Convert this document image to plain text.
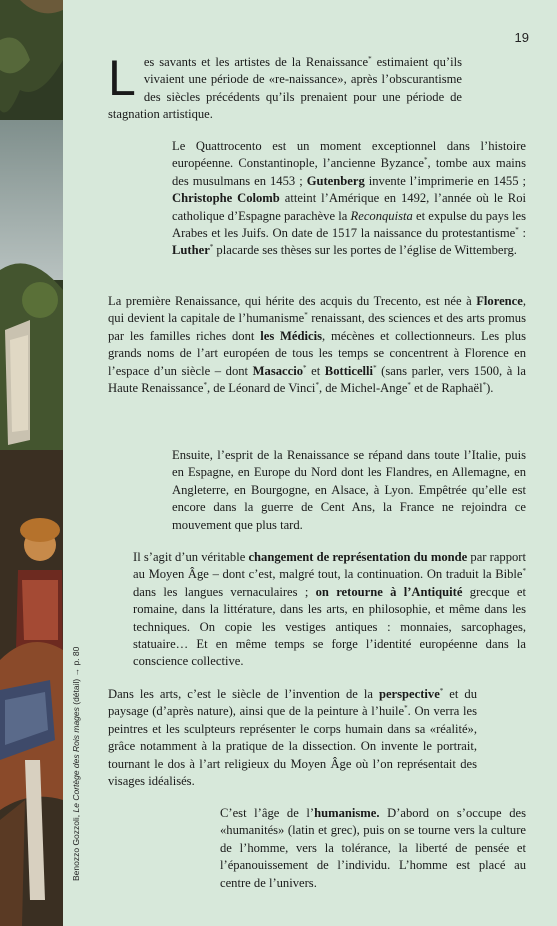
19
Benozzo Gozzoli, Le Cortège des Rois mages (détail) → p. 80

Les savants et les artistes de la Renaissance* estimaient qu’ils vivaient une période de «re-naissance», après l’obscurantisme des siècles précédents qu’ils prenaient pour une période de stagnation artistique.

Le Quattrocento est un moment exceptionnel dans l’histoire européenne. Constantinople, l’ancienne Byzance*, tombe aux mains des musulmans en 1453 ; Gutenberg invente l’imprimerie en 1455 ; Christophe Colomb atteint l’Amérique en 1492, l’année où le Roi catholique d’Espagne parachève la Reconquista et expulse du pays les Arabes et les Juifs. On date de 1517 la naissance du protestantisme* : Luther* placarde ses thèses sur les portes de l’église de Wittemberg.

La première Renaissance, qui hérite des acquis du Trecento, est née à Florence, qui devient la capitale de l’humanisme* renaissant, des sciences et des arts promus par les familles riches dont les Médicis, mécènes et collectionneurs. Les plus grands noms de l’art européen de tous les temps se concentrent à Florence en l’espace d’un siècle – dont Masaccio* et Botticelli* (sans parler, vers 1500, à la Haute Renaissance*, de Léonard de Vinci*, de Michel-Ange* et de Raphaël*).

Ensuite, l’esprit de la Renaissance se répand dans toute l’Italie, puis en Espagne, en Europe du Nord dont les Flandres, en Allemagne, en Angleterre, en Bourgogne, en Alsace, à Lyon. Empêtrée qu’elle est encore dans la guerre de Cent Ans, la France ne rejoindra ce mouvement que plus tard.

Il s’agit d’un véritable changement de représentation du monde par rapport au Moyen Âge – dont c’est, malgré tout, la continuation. On traduit la Bible* dans les langues vernaculaires ; on retourne à l’Antiquité grecque et romaine, dans la littérature, dans les arts, en philosophie, et même dans les techniques. On copie les vestiges antiques : monnaies, sarcophages, statuaire… Et en même temps se forge l’identité européenne dans la conscience collective.

Dans les arts, c’est le siècle de l’invention de la perspective* et du paysage (d’après nature), ainsi que de la peinture à l’huile*. On verra les peintres et les sculpteurs représenter le corps humain dans sa «réalité», grâce notamment à la pratique de la dissection. On invente le portrait, tournant le dos à l’art religieux du Moyen Âge où l’on représentait des visages idéalisés.

C’est l’âge de l’humanisme. D’abord on s’occupe des «humanités» (latin et grec), puis on se tourne vers la culture de l’homme, vers la tolérance, la liberté de pensée et l’épanouissement de l’individu. L’homme est placé au centre de l’univers.
